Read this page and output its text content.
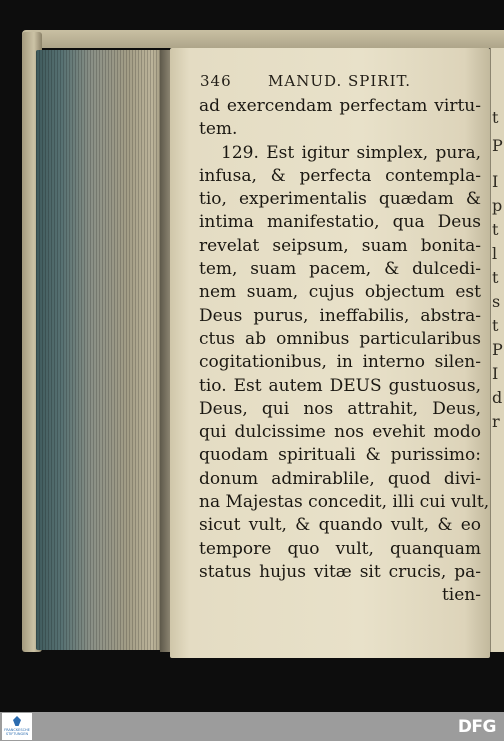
t
P
I
p
t
l
t
s
t
P
I
d
r
346 MANUD. SPIRIT.
ad exercendam perfectam virtu-
tem.
129. Est igitur simplex, pura,
infusa, & perfecta contempla-
tio, experimentalis quædam &
intima manifestatio, qua Deus
revelat seipsum, suam bonita-
tem, suam pacem, & dulcedi-
nem suam, cujus objectum est
Deus purus, ineffabilis, abstra-
ctus ab omnibus particularibus
cogitationibus, in interno silen-
tio. Est autem DEUS gustuosus,
Deus, qui nos attrahit, Deus,
qui dulcissime nos evehit modo
quodam spirituali & purissimo:
donum admirablile, quod divi-
na Majestas concedit, illi cui vult,
sicut vult, & quando vult, & eo
tempore quo vult, quanquam
status hujus vitæ sit crucis, pa-
tien-
FRANCKESCHE STIFTUNGEN	DFG
